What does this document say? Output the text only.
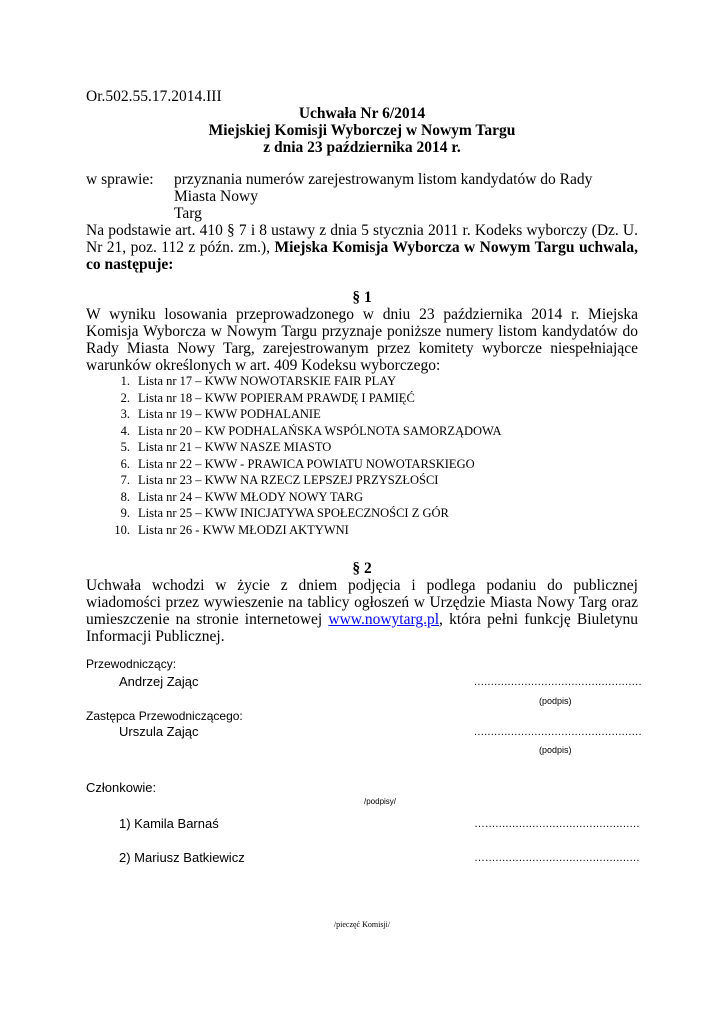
Or.502.55.17.2014.III
Uchwała Nr 6/2014
Miejskiej Komisji Wyborczej w Nowym Targu
z dnia 23 października 2014 r.
w sprawie:	przyznania numerów zarejestrowanym listom kandydatów do Rady Miasta Nowy
Targ
Na podstawie art. 410 § 7 i 8 ustawy z dnia 5 stycznia 2011 r. Kodeks wyborczy (Dz. U. Nr 21, poz. 112 z późn. zm.), Miejska Komisja Wyborcza w Nowym Targu uchwala, co następuje:
§ 1
W wyniku losowania przeprowadzonego w dniu 23 października 2014 r. Miejska Komisja Wyborcza w Nowym Targu przyznaje poniższe numery listom kandydatów do Rady Miasta Nowy Targ, zarejestrowanym przez komitety wyborcze niespełniające warunków określonych w art. 409 Kodeksu wyborczego:
1. Lista nr 17 – KWW NOWOTARSKIE FAIR PLAY
2. Lista nr 18 – KWW POPIERAM PRAWDĘ I PAMIĘĆ
3. Lista nr 19 – KWW PODHALANIE
4. Lista nr 20 – KW PODHALAŃSKA WSPÓLNOTA SAMORZĄDOWA
5. Lista nr 21 – KWW NASZE MIASTO
6. Lista nr 22 – KWW - PRAWICA POWIATU NOWOTARSKIEGO
7. Lista nr 23 – KWW NA RZECZ LEPSZEJ PRZYSZŁOŚCI
8. Lista nr 24 – KWW MŁODY NOWY TARG
9. Lista nr 25 – KWW INICJATYWA SPOŁECZNOŚCI Z GÓR
10. Lista nr 26 - KWW MŁODZI AKTYWNI
§ 2
Uchwała wchodzi w życie z dniem podjęcia i podlega podaniu do publicznej wiadomości przez wywieszenie na tablicy ogłoszeń w Urzędzie Miasta Nowy Targ oraz umieszczenie na stronie internetowej www.nowytarg.pl, która pełni funkcję Biuletynu Informacji Publicznej.
Przewodniczący:
Andrzej Zając	..................................................
(podpis)
Zastępca Przewodniczącego:
Urszula Zając	..................................................
(podpis)
Członkowie:
/podpisy/
1) Kamila Barnaś	…..............................................
2) Mariusz Batkiewicz	…..............................................
/pieczęć Komisji/
